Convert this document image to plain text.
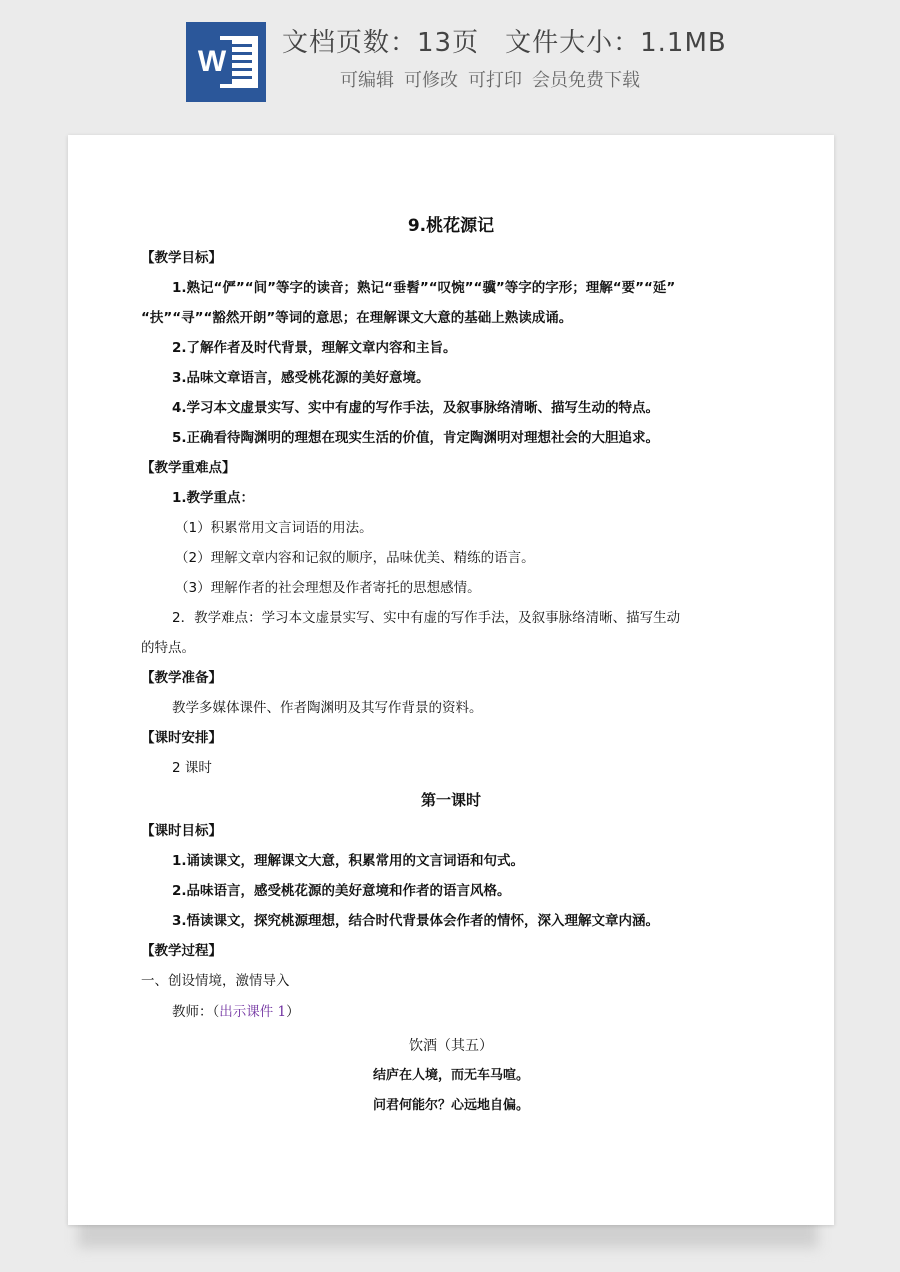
W
文档页数：13页 文件大小：1.1MB
可编辑 可修改 可打印 会员免费下载
9.桃花源记
【教学目标】
1.熟记“俨”“间”等字的读音；熟记“垂髫”“叹惋”“骥”等字的字形；理解“要”“延”
“扶”“寻”“豁然开朗”等词的意思；在理解课文大意的基础上熟读成诵。
2.了解作者及时代背景，理解文章内容和主旨。
3.品味文章语言，感受桃花源的美好意境。
4.学习本文虚景实写、实中有虚的写作手法，及叙事脉络清晰、描写生动的特点。
5.正确看待陶渊明的理想在现实生活的价值，肯定陶渊明对理想社会的大胆追求。
【教学重难点】
1.教学重点：
（1）积累常用文言词语的用法。
（2）理解文章内容和记叙的顺序，品味优美、精练的语言。
（3）理解作者的社会理想及作者寄托的思想感情。
2．教学难点：学习本文虚景实写、实中有虚的写作手法，及叙事脉络清晰、描写生动
的特点。
【教学准备】
教学多媒体课件、作者陶渊明及其写作背景的资料。
【课时安排】
2 课时
第一课时
【课时目标】
1.诵读课文，理解课文大意，积累常用的文言词语和句式。
2.品味语言，感受桃花源的美好意境和作者的语言风格。
3.悟读课文，探究桃源理想，结合时代背景体会作者的情怀，深入理解文章内涵。
【教学过程】
一、创设情境，激情导入
教师：（出示课件 1）
饮酒（其五）
结庐在人境，而无车马喧。
问君何能尔？心远地自偏。
